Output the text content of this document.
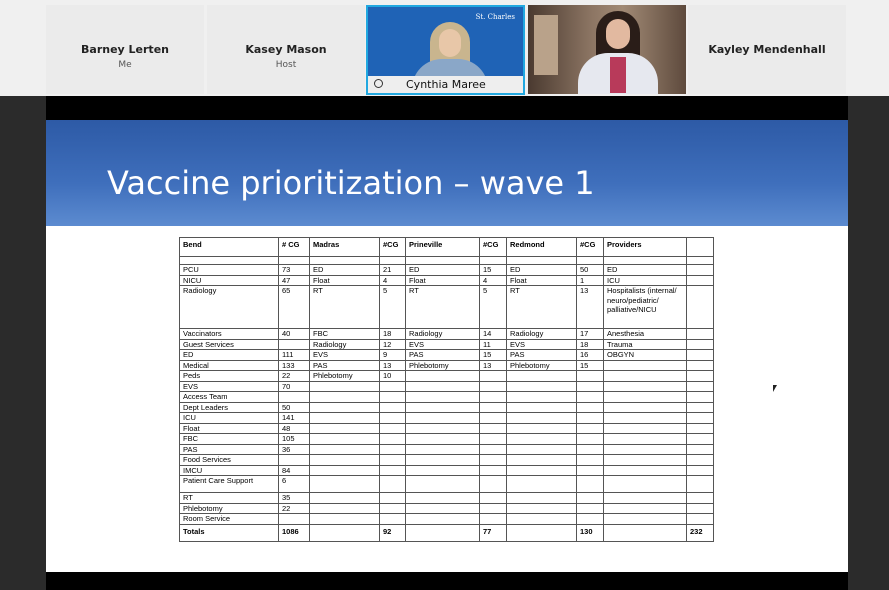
Barney Lerten
Me
Kasey Mason
Host
St. Charles
Cynthia Maree
Kayley Mendenhall
Vaccine prioritization – wave 1
Bend	# CG	Madras	#CG	Prineville	#CG	Redmond	#CG	Providers	

PCU	73	ED	21	ED	15	ED	50	ED	
NICU	47	Float	4	Float	4	Float	1	ICU	
Radiology	65	RT	5	RT	5	RT	13	Hospitalists (internal/ neuro/pediatric/ palliative/NICU	
Vaccinators	40	FBC	18	Radiology	14	Radiology	17	Anesthesia	
Guest Services		Radiology	12	EVS	11	EVS	18	Trauma	
ED	111	EVS	9	PAS	15	PAS	16	OBGYN	
Medical	133	PAS	13	Phlebotomy	13	Phlebotomy	15		
Peds	22	Phlebotomy	10						
EVS	70								
Access Team									
Dept Leaders	50								
ICU	141								
Float	48								
FBC	105								
PAS	36								
Food Services									
IMCU	84								
Patient Care Support	6								
RT	35								
Phlebotomy	22								
Room Service									
Totals	1086		92		77		130		232
